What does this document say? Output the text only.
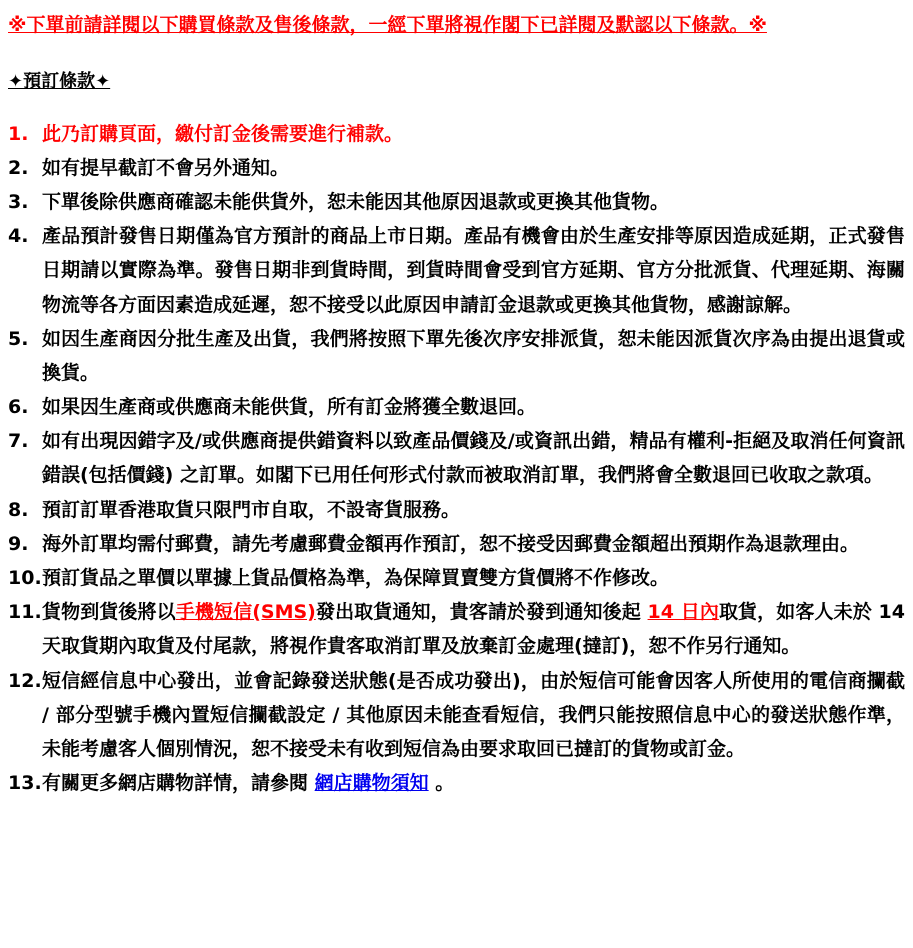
※下單前請詳閱以下購買條款及售後條款，一經下單將視作閣下已詳閱及默認以下條款。※

✦預訂條款✦

1. 此乃訂購頁面，繳付訂金後需要進行補款。
2. 如有提早截訂不會另外通知。
3. 下單後除供應商確認未能供貨外，恕未能因其他原因退款或更換其他貨物。
4. 產品預計發售日期僅為官方預計的商品上市日期。產品有機會由於生產安排等原因造成延期，正式發售日期請以實際為準。發售日期非到貨時間，到貨時間會受到官方延期、官方分批派貨、代理延期、海關物流等各方面因素造成延遲，恕不接受以此原因申請訂金退款或更換其他貨物，感謝諒解。
5. 如因生產商因分批生產及出貨，我們將按照下單先後次序安排派貨，恕未能因派貨次序為由提出退貨或換貨。
6. 如果因生產商或供應商未能供貨，所有訂金將獲全數退回。
7. 如有出現因錯字及/或供應商提供錯資料以致產品價錢及/或資訊出錯，精品有權利-拒絕及取消任何資訊錯誤(包括價錢) 之訂單。如閣下已用任何形式付款而被取消訂單，我們將會全數退回已收取之款項。
8. 預訂訂單香港取貨只限門市自取，不設寄貨服務。
9. 海外訂單均需付郵費，請先考慮郵費金額再作預訂，恕不接受因郵費金額超出預期作為退款理由。
10. 預訂貨品之單價以單據上貨品價格為準，為保障買賣雙方貨價將不作修改。
11. 貨物到貨後將以手機短信(SMS)發出取貨通知，貴客請於發到通知後起 14 日內取貨，如客人未於 14 天取貨期內取貨及付尾款，將視作貴客取消訂單及放棄訂金處理(撻訂)，恕不作另行通知。
12. 短信經信息中心發出，並會記錄發送狀態(是否成功發出)，由於短信可能會因客人所使用的電信商攔截 / 部分型號手機內置短信攔截設定 / 其他原因未能查看短信，我們只能按照信息中心的發送狀態作準，未能考慮客人個別情況，恕不接受未有收到短信為由要求取回已撻訂的貨物或訂金。
13. 有關更多網店購物詳情，請參閱 網店購物須知 。
